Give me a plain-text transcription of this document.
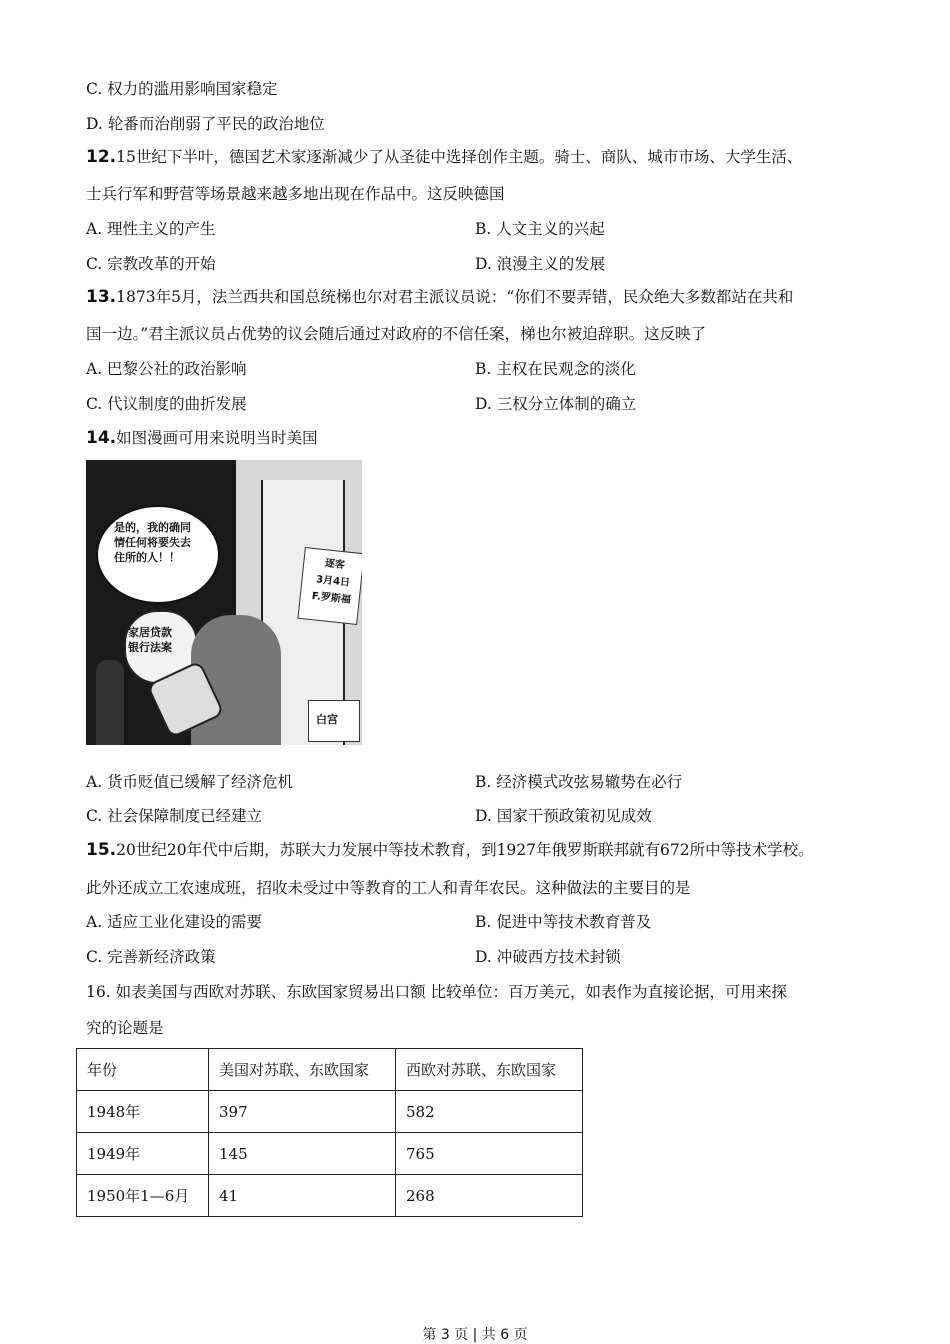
C. 权力的滥用影响国家稳定
D. 轮番而治削弱了平民的政治地位
12.15世纪下半叶，德国艺术家逐渐减少了从圣徒中选择创作主题。骑士、商队、城市市场、大学生活、
士兵行军和野营等场景越来越多地出现在作品中。这反映德国
A. 理性主义的产生	B. 人文主义的兴起
C. 宗教改革的开始	D. 浪漫主义的发展
13.1873年5月，法兰西共和国总统梯也尔对君主派议员说：“你们不要弄错，民众绝大多数都站在共和
国一边。”君主派议员占优势的议会随后通过对政府的不信任案，梯也尔被迫辞职。这反映了
A. 巴黎公社的政治影响	B. 主权在民观念的淡化
C. 代议制度的曲折发展	D. 三权分立体制的确立
14.如图漫画可用来说明当时美国
是的，我的确同
情任何将要失去
住所的人！！
逐客
3月4日
F.罗斯福
家居贷款
银行法案
白宫
A. 货币贬值已缓解了经济危机	B. 经济模式改弦易辙势在必行
C. 社会保障制度已经建立	D. 国家干预政策初见成效
15.20世纪20年代中后期，苏联大力发展中等技术教育，到1927年俄罗斯联邦就有672所中等技术学校。
此外还成立工农速成班，招收未受过中等教育的工人和青年农民。这种做法的主要目的是
A. 适应工业化建设的需要	B. 促进中等技术教育普及
C. 完善新经济政策	D. 冲破西方技术封锁
16. 如表美国与西欧对苏联、东欧国家贸易出口额 比较单位：百万美元，如表作为直接论据，可用来探
究的论题是
年份	美国对苏联、东欧国家	西欧对苏联、东欧国家
1948年	397	582
1949年	145	765
1950年1—6月	41	268
第 3 页 | 共 6 页
